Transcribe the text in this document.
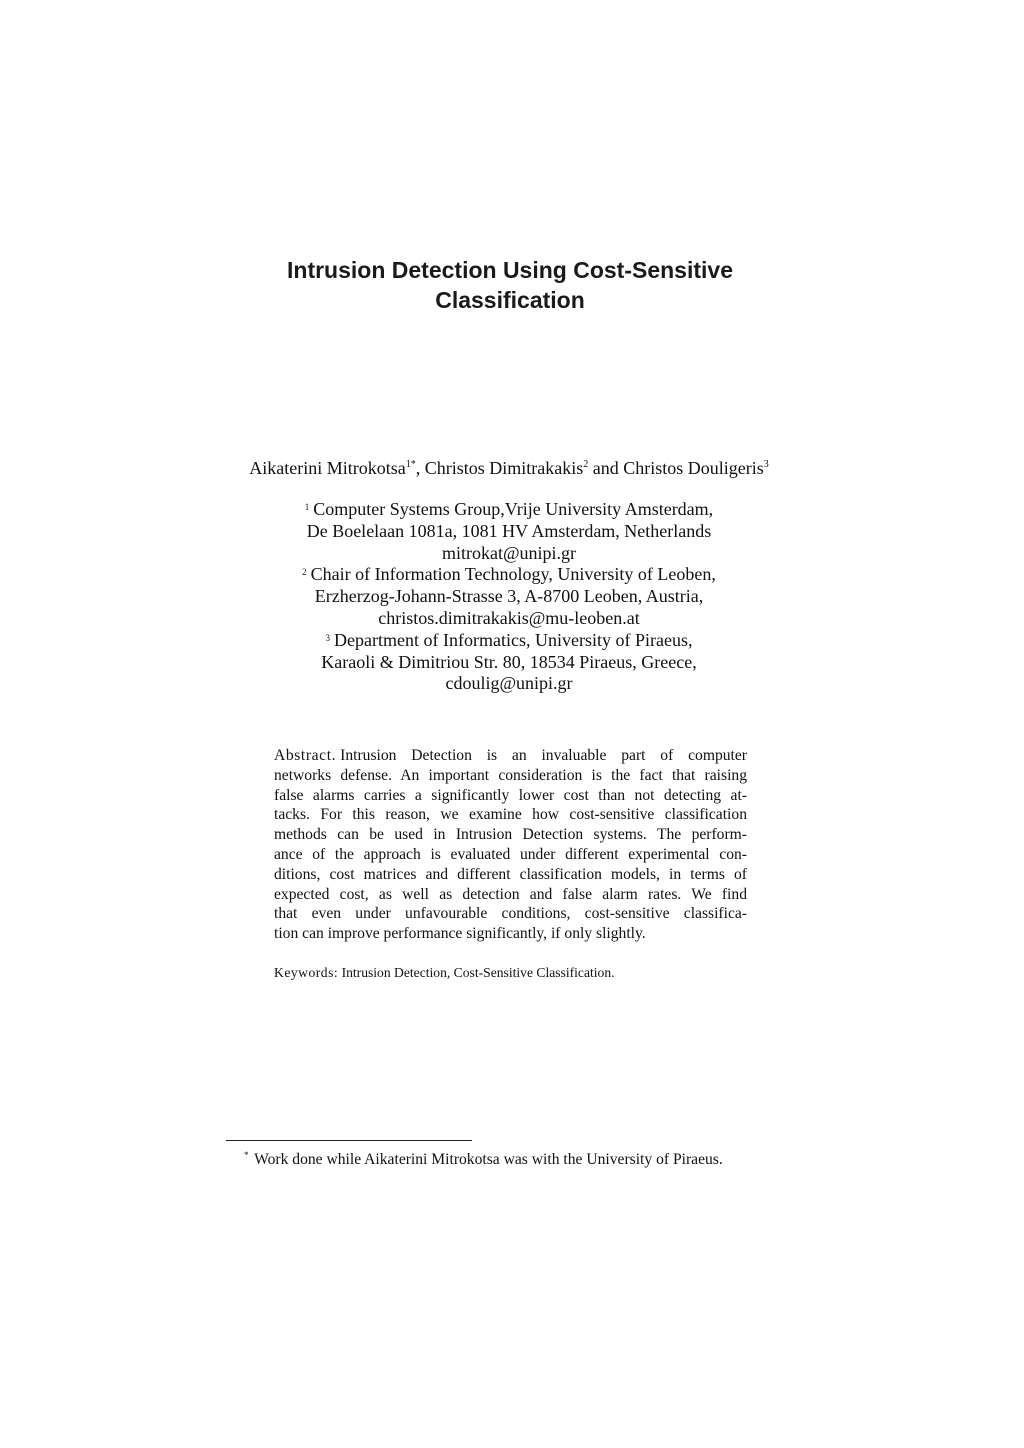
Intrusion Detection Using Cost-Sensitive
Classification
Aikaterini Mitrokotsa$^{1*}$, Christos Dimitrakakis$^2$ and Christos Douligeris$^3$
$^1$ Computer Systems Group,Vrije University Amsterdam,
De Boelelaan 1081a, 1081 HV Amsterdam, Netherlands
mitrokat@unipi.gr
$^2$ Chair of Information Technology, University of Leoben,
Erzherzog-Johann-Strasse 3, A-8700 Leoben, Austria,
christos.dimitrakakis@mu-leoben.at
$^3$ Department of Informatics, University of Piraeus,
Karaoli & Dimitriou Str. 80, 18534 Piraeus, Greece,
cdoulig@unipi.gr
Abstract. Intrusion Detection is an invaluable part of computer
networks defense. An important consideration is the fact that raising
false alarms carries a significantly lower cost than not detecting at-
tacks. For this reason, we examine how cost-sensitive classification
methods can be used in Intrusion Detection systems. The perform-
ance of the approach is evaluated under different experimental con-
ditions, cost matrices and different classification models, in terms of
expected cost, as well as detection and false alarm rates. We find
that even under unfavourable conditions, cost-sensitive classifica-
tion can improve performance significantly, if only slightly.
Keywords: Intrusion Detection, Cost-Sensitive Classification.
* Work done while Aikaterini Mitrokotsa was with the University of Piraeus.
